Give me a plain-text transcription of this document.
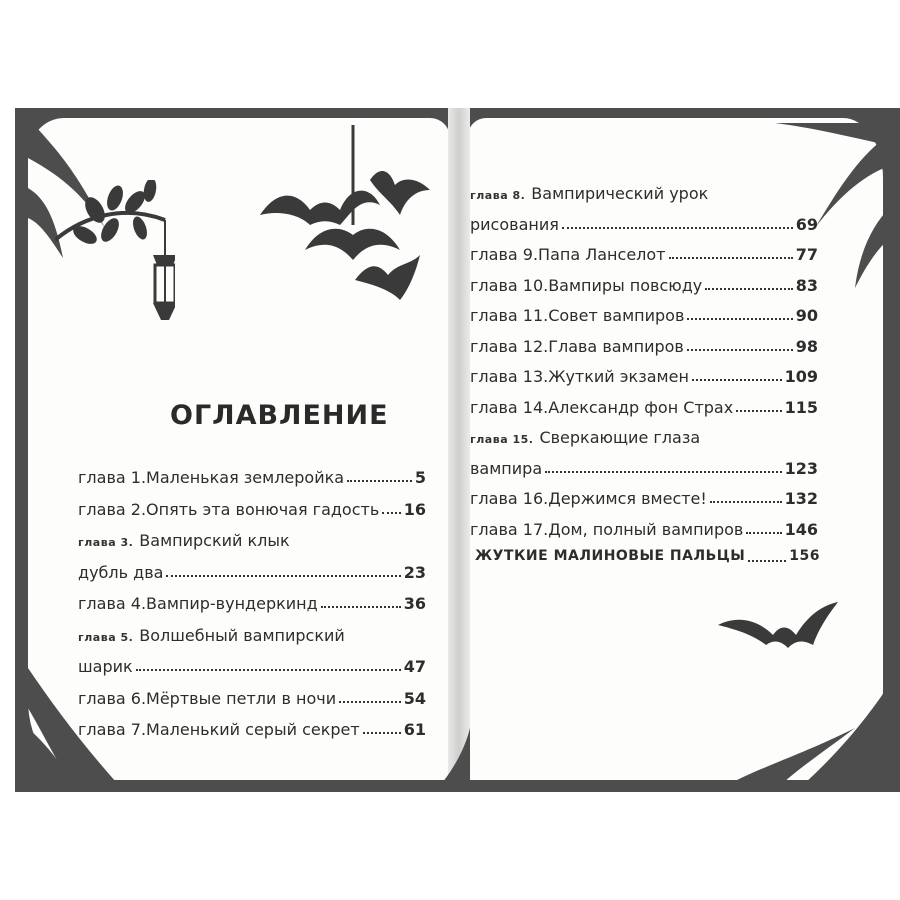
ОГЛАВЛЕНИЕ
глава 1. Маленькая землеройка	5
глава 2. Опять эта вонючая гадость 16
глава 3. Вампирский клык
дубль два	23
глава 4. Вампир-вундеркинд	36
глава 5. Волшебный вампирский
шарик	47
глава 6. Мёртвые петли в ночи	54
глава 7. Маленький серый секрет	61
глава 8. Вампирический урок
рисования	69
глава 9. Папа Ланселот	77
глава 10. Вампиры повсюду	83
глава 11. Совет вампиров	90
глава 12. Глава вампиров	98
глава 13. Жуткий экзамен	109
глава 14. Александр фон Страх	115
глава 15. Сверкающие глаза
вампира	123
глава 16. Держимся вместе!	132
глава 17. Дом, полный вампиров	146
ЖУТКИЕ МАЛИНОВЫЕ ПАЛЬЦЫ	156
